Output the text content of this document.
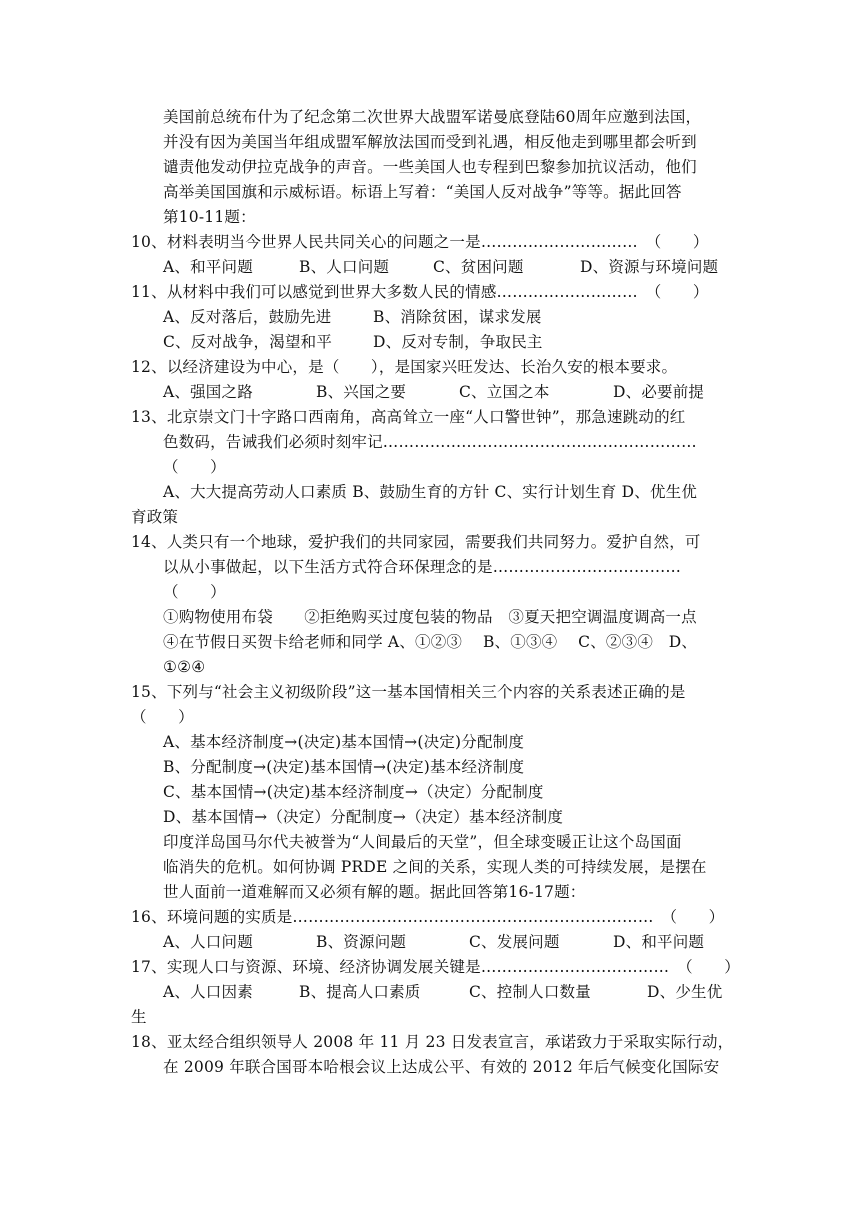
美国前总统布什为了纪念第二次世界大战盟军诺曼底登陆60周年应邀到法国，
并没有因为美国当年组成盟军解放法国而受到礼遇，相反他走到哪里都会听到
谴责他发动伊拉克战争的声音。一些美国人也专程到巴黎参加抗议活动，他们
高举美国国旗和示威标语。标语上写着：“美国人反对战争”等等。据此回答
第10-11题：
10、材料表明当今世界人民共同关心的问题之一是…………………………　（　　）
A、和平问题	B、人口问题	C、贫困问题	D、资源与环境问题
11、从材料中我们可以感觉到世界大多数人民的情感………………………　（　　）
A、反对落后，鼓励先进	B、消除贫困，谋求发展
C、反对战争，渴望和平	D、反对专制，争取民主
12、以经济建设为中心，是（　　），是国家兴旺发达、长治久安的根本要求。
A、强国之路	B、兴国之要	C、立国之本	D、必要前提
13、北京崇文门十字路口西南角，高高耸立一座“人口警世钟”，那急速跳动的红
色数码，告诫我们必须时刻牢记……………………………………………………
（　　）
A、大大提高劳动人口素质 B、鼓励生育的方针 C、实行计划生育 D、优生优
育政策
14、人类只有一个地球，爱护我们的共同家园，需要我们共同努力。爱护自然，可
以从小事做起，以下生活方式符合环保理念的是………………………………
（　　）
①购物使用布袋　　②拒绝购买过度包装的物品　③夏天把空调温度调高一点
④在节假日买贺卡给老师和同学 A、①②③　 B、①③④　 C、②③④　D、
①②④
15、下列与“社会主义初级阶段”这一基本国情相关三个内容的关系表述正确的是
（　　）
A、基本经济制度→(决定)基本国情→(决定)分配制度
B、分配制度→(决定)基本国情→(决定)基本经济制度
C、基本国情→(决定)基本经济制度→（决定）分配制度
D、基本国情→（决定）分配制度→（决定）基本经济制度
印度洋岛国马尔代夫被誉为“人间最后的天堂”，但全球变暖正让这个岛国面
临消失的危机。如何协调 PRDE 之间的关系，实现人类的可持续发展，是摆在
世人面前一道难解而又必须有解的题。据此回答第16-17题：
16、环境问题的实质是……………………………………………………………　（　　）
A、人口问题	B、资源问题	C、发展问题	D、和平问题
17、实现人口与资源、环境、经济协调发展关键是………………………………　（　　）
A、人口因素	B、提高人口素质	C、控制人口数量	D、少生优
生
18、亚太经合组织领导人 2008 年 11 月 23 日发表宣言，承诺致力于采取实际行动，
在 2009 年联合国哥本哈根会议上达成公平、有效的 2012 年后气候变化国际安
